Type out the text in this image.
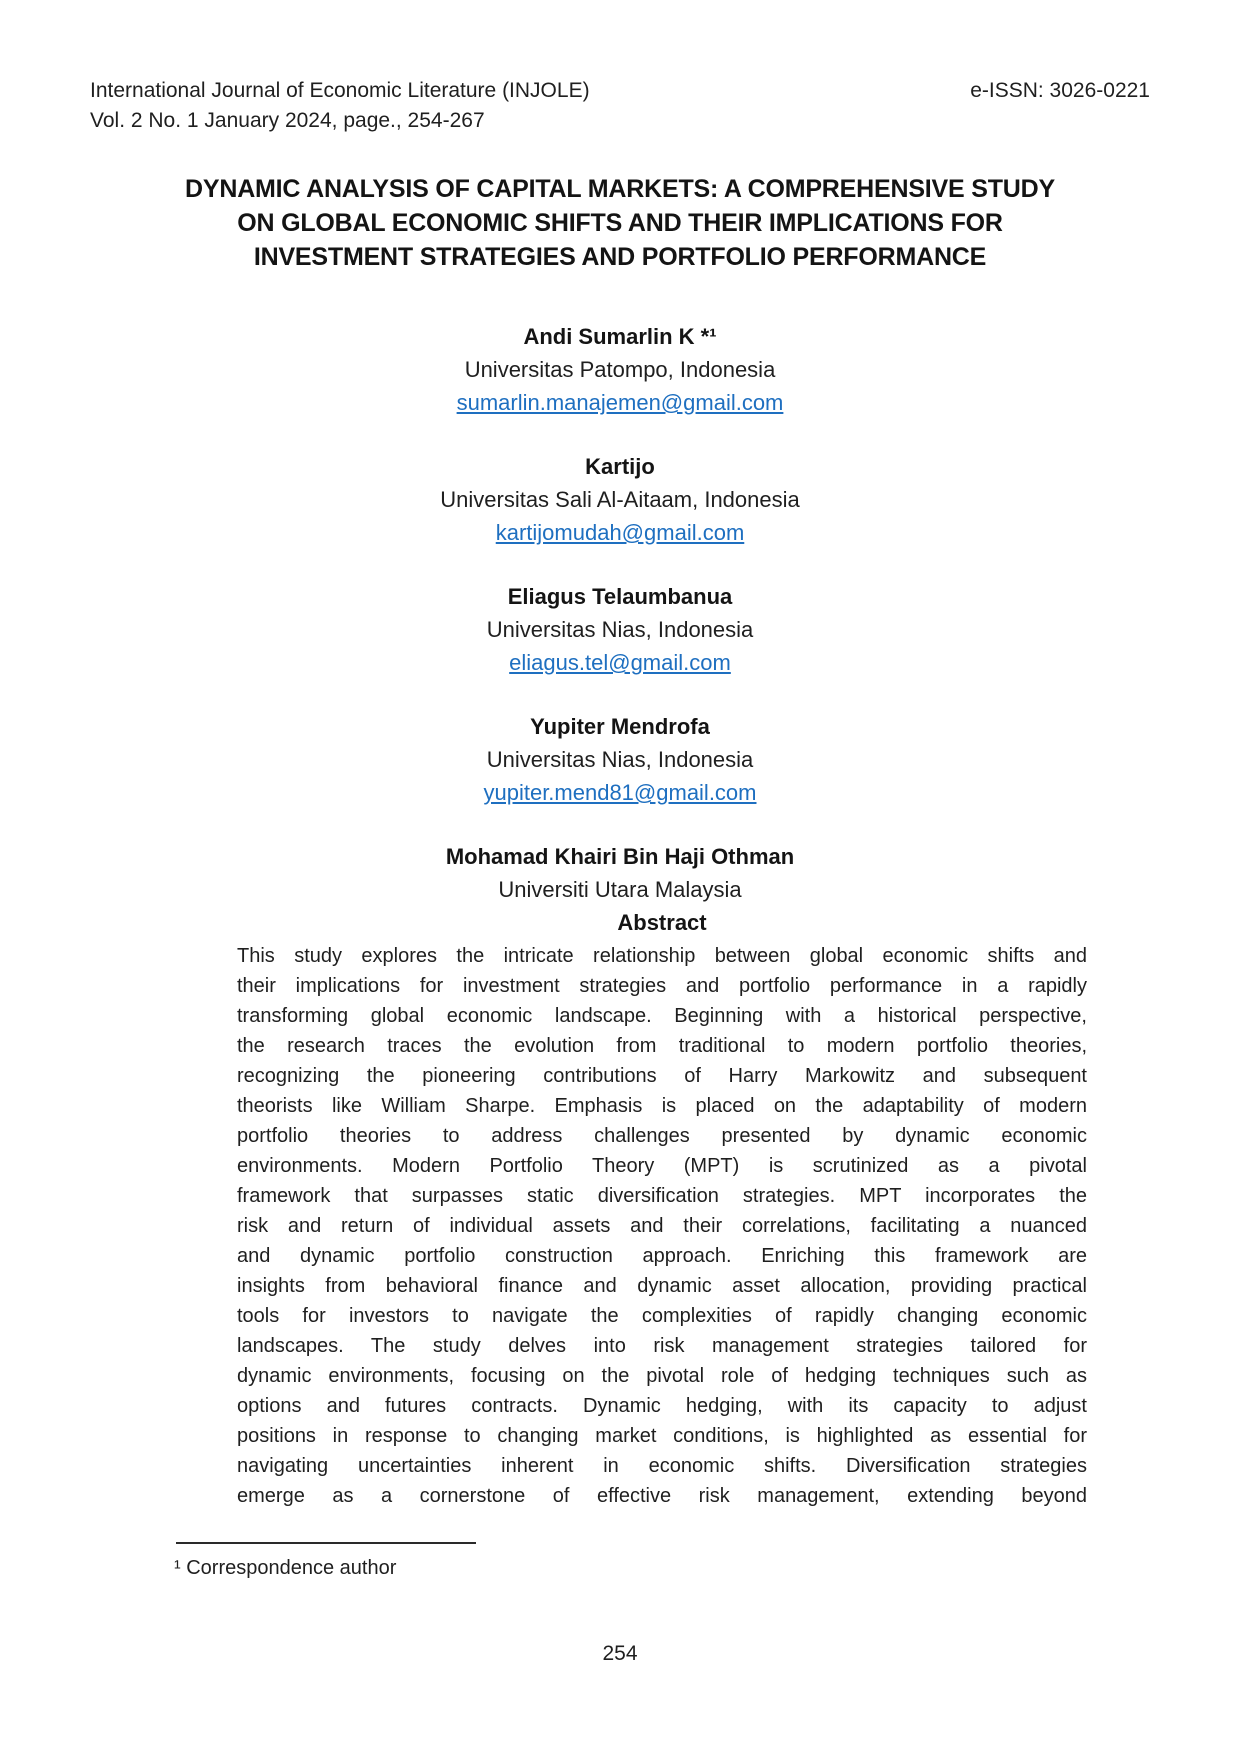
International Journal of Economic Literature (INJOLE)	e-ISSN: 3026-0221
Vol. 2 No. 1 January 2024, page., 254-267
DYNAMIC ANALYSIS OF CAPITAL MARKETS: A COMPREHENSIVE STUDY
ON GLOBAL ECONOMIC SHIFTS AND THEIR IMPLICATIONS FOR
INVESTMENT STRATEGIES AND PORTFOLIO PERFORMANCE
Andi Sumarlin K *¹
Universitas Patompo, Indonesia
sumarlin.manajemen@gmail.com
Kartijo
Universitas Sali Al-Aitaam, Indonesia
kartijomudah@gmail.com
Eliagus Telaumbanua
Universitas Nias, Indonesia
eliagus.tel@gmail.com
Yupiter Mendrofa
Universitas Nias, Indonesia
yupiter.mend81@gmail.com
Mohamad Khairi Bin Haji Othman
Universiti Utara Malaysia
Abstract
This study explores the intricate relationship between global economic shifts and
their implications for investment strategies and portfolio performance in a rapidly
transforming global economic landscape. Beginning with a historical perspective,
the research traces the evolution from traditional to modern portfolio theories,
recognizing the pioneering contributions of Harry Markowitz and subsequent
theorists like William Sharpe. Emphasis is placed on the adaptability of modern
portfolio theories to address challenges presented by dynamic economic
environments. Modern Portfolio Theory (MPT) is scrutinized as a pivotal
framework that surpasses static diversification strategies. MPT incorporates the
risk and return of individual assets and their correlations, facilitating a nuanced
and dynamic portfolio construction approach. Enriching this framework are
insights from behavioral finance and dynamic asset allocation, providing practical
tools for investors to navigate the complexities of rapidly changing economic
landscapes. The study delves into risk management strategies tailored for
dynamic environments, focusing on the pivotal role of hedging techniques such as
options and futures contracts. Dynamic hedging, with its capacity to adjust
positions in response to changing market conditions, is highlighted as essential for
navigating uncertainties inherent in economic shifts. Diversification strategies
emerge as a cornerstone of effective risk management, extending beyond
¹ Correspondence author
254
